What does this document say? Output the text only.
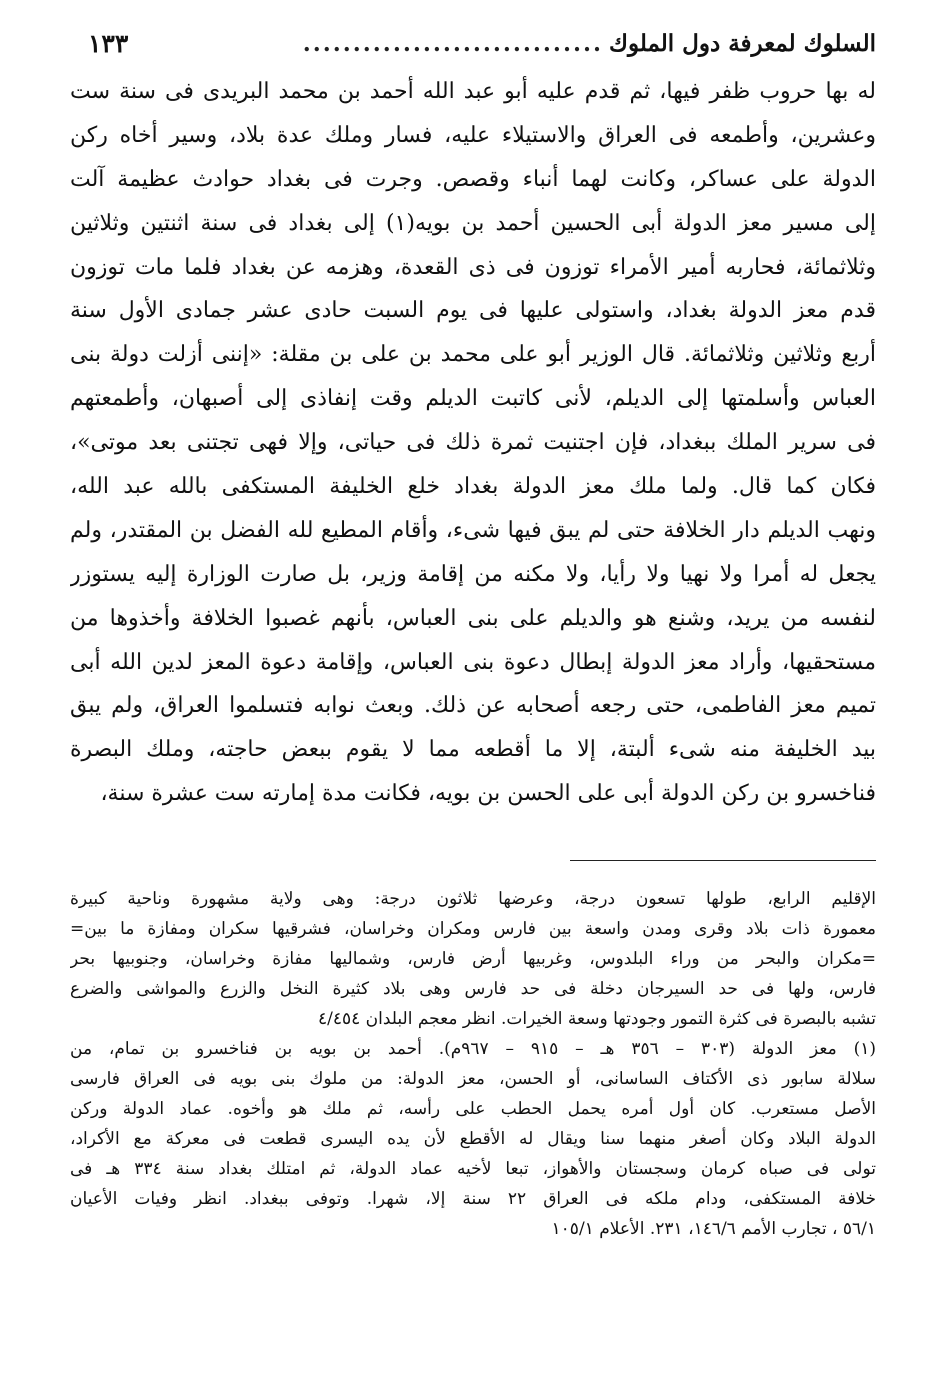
السلوك لمعرفة دول الملوك
..............................
١٣٣
له بها حروب ظفر فيها، ثم قدم عليه أبو عبد الله أحمد بن محمد البريدى فى سنة ست
وعشرين، وأطمعه فى العراق والاستيلاء عليه، فسار وملك عدة بلاد، وسير أخاه ركن
الدولة على عساكر، وكانت لهما أنباء وقصص. وجرت فى بغداد حوادث عظيمة آلت
إلى مسير معز الدولة أبى الحسين أحمد بن بويه(١) إلى بغداد فى سنة اثنتين وثلاثين
وثلاثمائة، فحاربه أمير الأمراء توزون فى ذى القعدة، وهزمه عن بغداد فلما مات توزون
قدم معز الدولة بغداد، واستولى عليها فى يوم السبت حادى عشر جمادى الأول سنة
أربع وثلاثين وثلاثمائة. قال الوزير أبو على محمد بن على بن مقلة: «إننى أزلت دولة بنى
العباس وأسلمتها إلى الديلم، لأنى كاتبت الديلم وقت إنفاذى إلى أصبهان، وأطمعتهم
فى سرير الملك ببغداد، فإن اجتنيت ثمرة ذلك فى حياتى، وإلا فهى تجتنى بعد موتى»،
فكان كما قال. ولما ملك معز الدولة بغداد خلع الخليفة المستكفى بالله عبد الله،
ونهب الديلم دار الخلافة حتى لم يبق فيها شىء، وأقام المطيع لله الفضل بن المقتدر، ولم
يجعل له أمرا ولا نهيا ولا رأيا، ولا مكنه من إقامة وزير، بل صارت الوزارة إليه يستوزر
لنفسه من يريد، وشنع هو والديلم على بنى العباس، بأنهم غصبوا الخلافة وأخذوها من
مستحقيها، وأراد معز الدولة إبطال دعوة بنى العباس، وإقامة دعوة المعز لدين الله أبى
تميم معز الفاطمى، حتى رجعه أصحابه عن ذلك. وبعث نوابه فتسلموا العراق، ولم يبق
بيد الخليفة منه شىء ألبتة، إلا ما أقطعه مما لا يقوم ببعض حاجته، وملك البصرة
فناخسرو بن ركن الدولة أبى على الحسن بن بويه، فكانت مدة إمارته ست عشرة سنة،
الإقليم الرابع، طولها تسعون درجة، وعرضها ثلاثون درجة: وهى ولاية مشهورة وناحية كبيرة
معمورة ذات بلاد وقرى ومدن واسعة بين فارس ومكران وخراسان، فشرقيها سكران ومفازة ما بين=
=مكران والبحر من وراء البلدوس، وغربيها أرض فارس، وشماليها مفازة وخراسان، وجنوبيها بحر
فارس، ولها فى حد السيرجان دخلة فى حد فارس وهى بلاد كثيرة النخل والزرع والمواشى والضرع
تشبه بالبصرة فى كثرة التمور وجودتها وسعة الخيرات. انظر معجم البلدان ٤/٤٥٤
(١) معز الدولة (٣٠٣ – ٣٥٦ هـ – ٩١٥ – ٩٦٧م). أحمد بن بويه بن فناخسرو بن تمام، من
سلالة سابور ذى الأكتاف الساسانى، أو الحسن، معز الدولة: من ملوك بنى بويه فى العراق فارسى
الأصل مستعرب. كان أول أمره يحمل الحطب على رأسه، ثم ملك هو وأخوه. عماد الدولة وركن
الدولة البلاد وكان أصغر منهما سنا ويقال له الأقطع لأن يده اليسرى قطعت فى معركة مع الأكراد،
تولى فى صباه كرمان وسجستان والأهواز، تبعا لأخيه عماد الدولة، ثم امتلك بغداد سنة ٣٣٤ هـ فى
خلافة المستكفى، ودام ملكه فى العراق ٢٢ سنة إلا، شهرا. وتوفى ببغداد. انظر وفيات الأعيان
٥٦/١ ، تجارب الأمم ١٤٦/٦، ٢٣١. الأعلام ١٠٥/١
